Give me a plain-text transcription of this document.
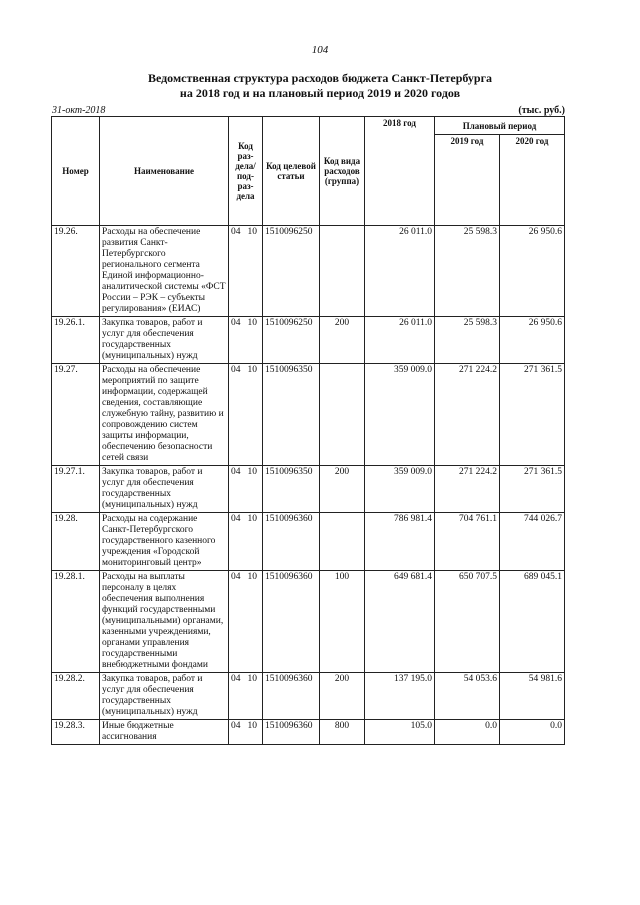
104
Ведомственная структура расходов бюджета Санкт-Петербурга
на 2018 год и на плановый период 2019 и 2020 годов
31-окт-2018	(тыс. руб.)
Номер	Наименование	Код раз-дела/ под-раз-дела	Код целевой статьи	Код вида расходов (группа)	2018 год	Плановый период	
						2019 год	2020 год
19.26.	Расходы на обеспечение развития Санкт-Петербургского регионального сегмента Единой информационно-аналитической системы «ФСТ России – РЭК – субъекты регулирования» (ЕИАС)	04 10	1510096250		26 011.0	25 598.3	26 950.6
19.26.1.	Закупка товаров, работ и услуг для обеспечения государственных (муниципальных) нужд	04 10	1510096250	200	26 011.0	25 598.3	26 950.6
19.27.	Расходы на обеспечение мероприятий по защите информации, содержащей сведения, составляющие служебную тайну, развитию и сопровождению систем защиты информации, обеспечению безопасности сетей связи	04 10	1510096350		359 009.0	271 224.2	271 361.5
19.27.1.	Закупка товаров, работ и услуг для обеспечения государственных (муниципальных) нужд	04 10	1510096350	200	359 009.0	271 224.2	271 361.5
19.28.	Расходы на содержание Санкт-Петербургского государственного казенного учреждения «Городской мониторинговый центр»	04 10	1510096360		786 981.4	704 761.1	744 026.7
19.28.1.	Расходы на выплаты персоналу в целях обеспечения выполнения функций государственными (муниципальными) органами, казенными учреждениями, органами управления государственными внебюджетными фондами	04 10	1510096360	100	649 681.4	650 707.5	689 045.1
19.28.2.	Закупка товаров, работ и услуг для обеспечения государственных (муниципальных) нужд	04 10	1510096360	200	137 195.0	54 053.6	54 981.6
19.28.3.	Иные бюджетные ассигнования	04 10	1510096360	800	105.0	0.0	0.0
